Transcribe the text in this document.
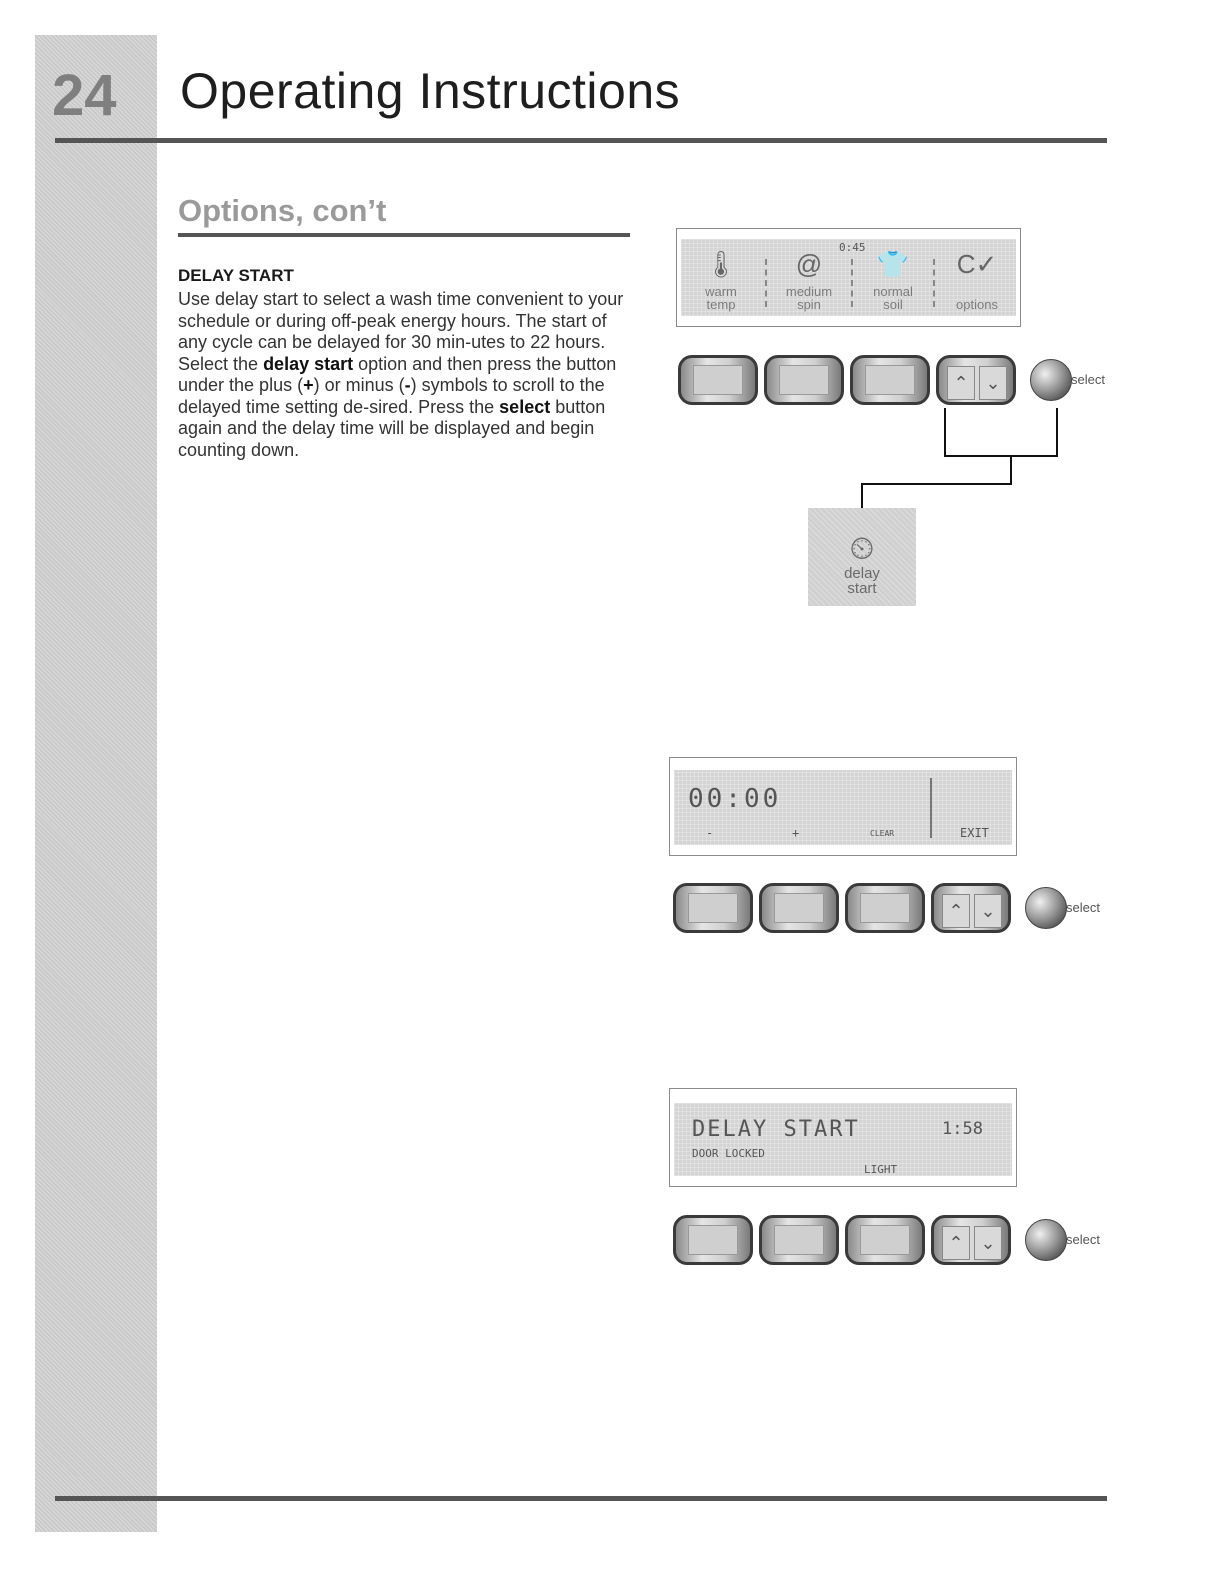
24 Operating Instructions
Options, con’t
DELAY START
Use delay start to select a wash time convenient to your schedule or during off-peak energy hours. The start of any cycle can be delayed for 30 min-utes to 22 hours. Select the delay start option and then press the button under the plus (+) or minus (-) symbols to scroll to the delayed time setting de-sired. Press the select button again and the delay time will be displayed and begin counting down.
0:45
🌡
warm
temp
@
medium
spin
👕
normal
soil
C✓

options
⌃ ⌄	select
⏲
delay
start
00:00
-	+	CLEAR	EXIT
⌃ ⌄	select
DELAY START	1:58
DOOR LOCKED
LIGHT
⌃ ⌄	select
